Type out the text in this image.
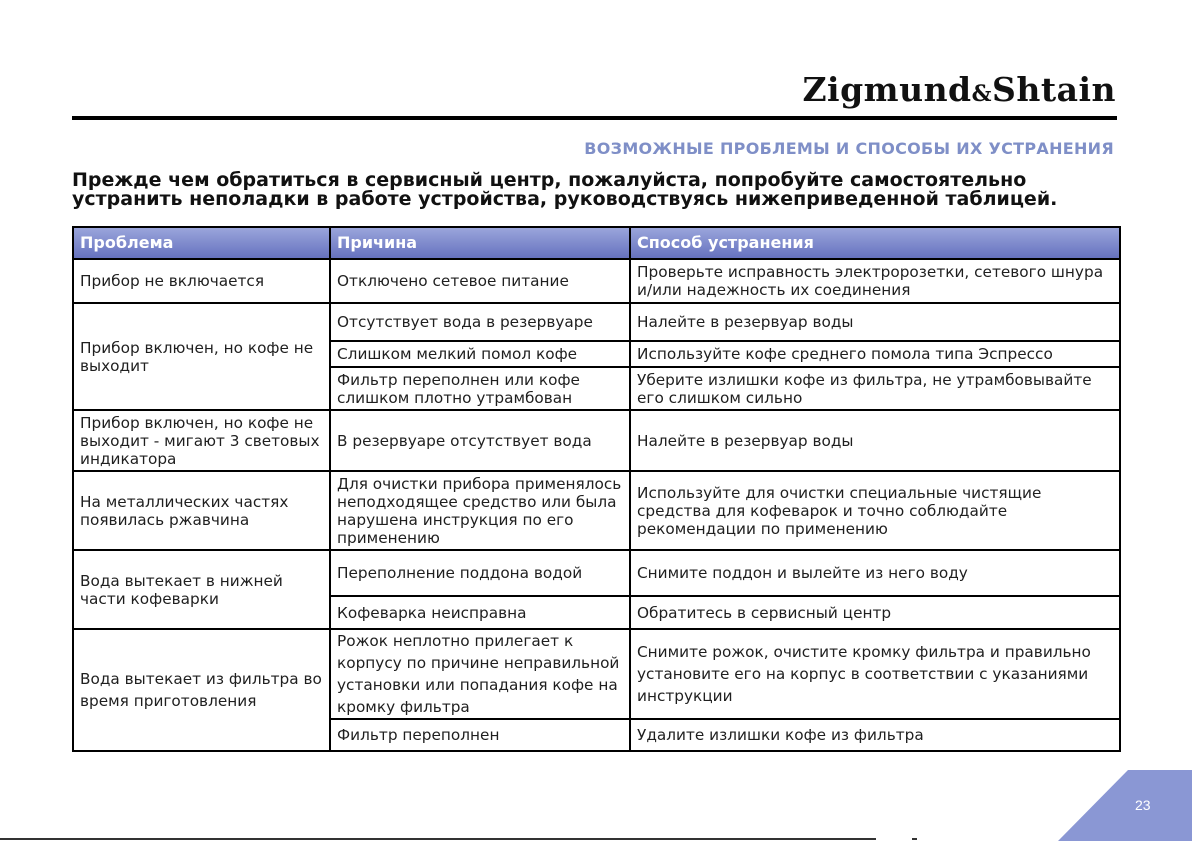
Zigmund&Shtain
ВОЗМОЖНЫЕ ПРОБЛЕМЫ И СПОСОБЫ ИХ УСТРАНЕНИЯ
Прежде чем обратиться в сервисный центр, пожалуйста, попробуйте самостоятельно устранить неполадки в работе устройства, руководствуясь нижеприведенной таблицей.
Проблема	Причина	Способ устранения
Прибор не включается	Отключено сетевое питание	Проверьте исправность электророзетки, сетевого шнура и/или надежность их соединения
Прибор включен, но кофе не выходит	Отсутствует вода в резервуаре	Налейте в резервуар воды
	Слишком мелкий помол кофе	Используйте кофе среднего помола типа Эспрессо
	Фильтр переполнен или кофе слишком плотно утрамбован	Уберите излишки кофе из фильтра, не утрамбовывайте его слишком сильно
Прибор включен, но кофе не выходит - мигают 3 световых индикатора	В резервуаре отсутствует вода	Налейте в резервуар воды
На металлических частях появилась ржавчина	Для очистки прибора применялось неподходящее средство или была нарушена инструкция по его применению	Используйте для очистки специальные чистящие средства для кофеварок и точно соблюдайте рекомендации по применению
Вода вытекает в нижней части кофеварки	Переполнение поддона водой	Снимите поддон и вылейте из него воду
	Кофеварка неисправна	Обратитесь в сервисный центр
Вода вытекает из фильтра во время приготовления	Рожок неплотно прилегает к корпусу по причине неправильной установки или попадания кофе на кромку фильтра	Снимите рожок, очистите кромку фильтра и правильно установите его на корпус в соответствии с указаниями инструкции
	Фильтр переполнен	Удалите излишки кофе из фильтра
23
